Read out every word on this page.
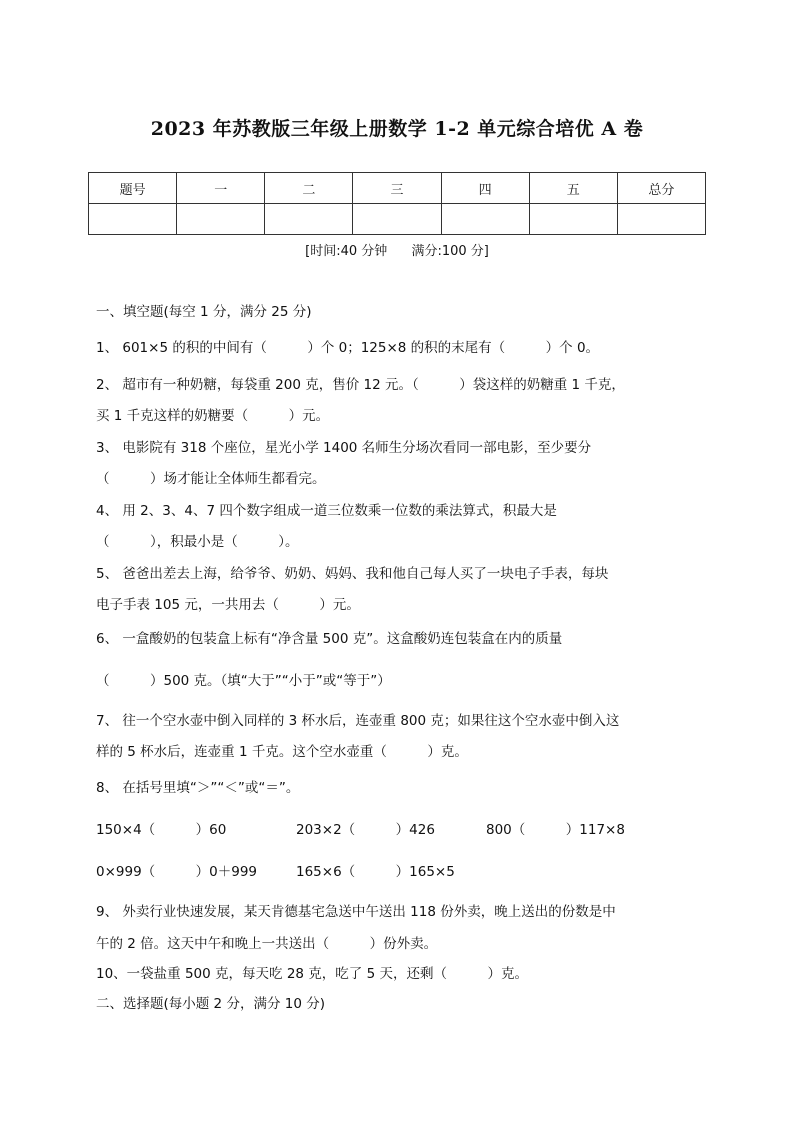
2023 年苏教版三年级上册数学 1-2 单元综合培优 A 卷
题号	一	二	三	四	五	总分

[时间:40 分钟 满分:100 分]
一、填空题(每空 1 分，满分 25 分)
1、 601×5 的积的中间有（　　　）个 0；125×8 的积的末尾有（　　　）个 0。
2、 超市有一种奶糖，每袋重 200 克，售价 12 元。（　　　）袋这样的奶糖重 1 千克，
买 1 千克这样的奶糖要（　　　）元。
3、 电影院有 318 个座位，星光小学 1400 名师生分场次看同一部电影，至少要分
（　　　）场才能让全体师生都看完。
4、 用 2、3、4、7 四个数字组成一道三位数乘一位数的乘法算式，积最大是
（　　　），积最小是（　　　）。
5、 爸爸出差去上海，给爷爷、奶奶、妈妈、我和他自己每人买了一块电子手表，每块
电子手表 105 元，一共用去（　　　）元。
6、 一盒酸奶的包装盒上标有“净含量 500 克”。这盒酸奶连包装盒在内的质量
（　　　）500 克。（填“大于”“小于”或“等于”）
7、 往一个空水壶中倒入同样的 3 杯水后，连壶重 800 克；如果往这个空水壶中倒入这
样的 5 杯水后，连壶重 1 千克。这个空水壶重（　　　）克。
8、 在括号里填“＞”“＜”或“＝”。
150×4（　　　）60	203×2（　　　）426	800（　　　）117×8
0×999（　　　）0＋999	165×6（　　　）165×5
9、 外卖行业快速发展，某天肯德基宅急送中午送出 118 份外卖，晚上送出的份数是中
午的 2 倍。这天中午和晚上一共送出（　　　）份外卖。
10、一袋盐重 500 克，每天吃 28 克，吃了 5 天，还剩（　　　）克。
二、选择题(每小题 2 分，满分 10 分)
